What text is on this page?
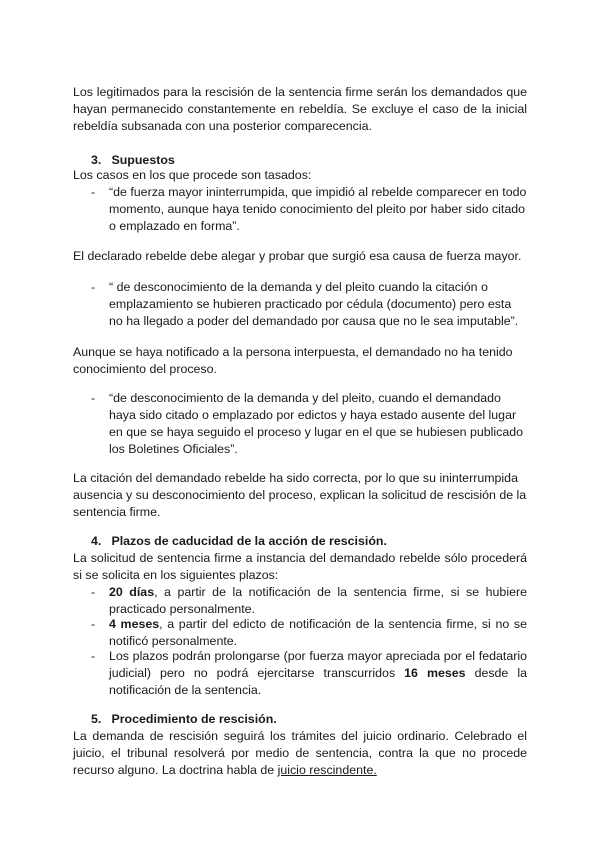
Los legitimados para la rescisión de la sentencia firme serán los demandados que hayan permanecido constantemente en rebeldía. Se excluye el caso de la inicial rebeldía subsanada con una posterior comparecencia.

3. Supuestos

Los casos en los que procede son tasados:

- “de fuerza mayor ininterrumpida, que impidió al rebelde comparecer en todo momento, aunque haya tenido conocimiento del pleito por haber sido citado o emplazado en forma”.

El declarado rebelde debe alegar y probar que surgió esa causa de fuerza mayor.

- “ de desconocimiento de la demanda y del pleito cuando la citación o emplazamiento se hubieren practicado por cédula (documento) pero esta no ha llegado a poder del demandado por causa que no le sea imputable”.

Aunque se haya notificado a la persona interpuesta, el demandado no ha tenido conocimiento del proceso.

- “de desconocimiento de la demanda y del pleito, cuando el demandado haya sido citado o emplazado por edictos y haya estado ausente del lugar en que se haya seguido el proceso y lugar en el que se hubiesen publicado los Boletines Oficiales”.

La citación del demandado rebelde ha sido correcta, por lo que su ininterrumpida ausencia y su desconocimiento del proceso, explican la solicitud de rescisión de la sentencia firme.

4. Plazos de caducidad de la acción de rescisión.

La solicitud de sentencia firme a instancia del demandado rebelde sólo procederá si se solicita en los siguientes plazos:

- 20 días, a partir de la notificación de la sentencia firme, si se hubiere practicado personalmente.
- 4 meses, a partir del edicto de notificación de la sentencia firme, si no se notificó personalmente.
- Los plazos podrán prolongarse (por fuerza mayor apreciada por el fedatario judicial) pero no podrá ejercitarse transcurridos 16 meses desde la notificación de la sentencia.

5. Procedimiento de rescisión.

La demanda de rescisión seguirá los trámites del juicio ordinario. Celebrado el juicio, el tribunal resolverá por medio de sentencia, contra la que no procede recurso alguno. La doctrina habla de juicio rescindente.
